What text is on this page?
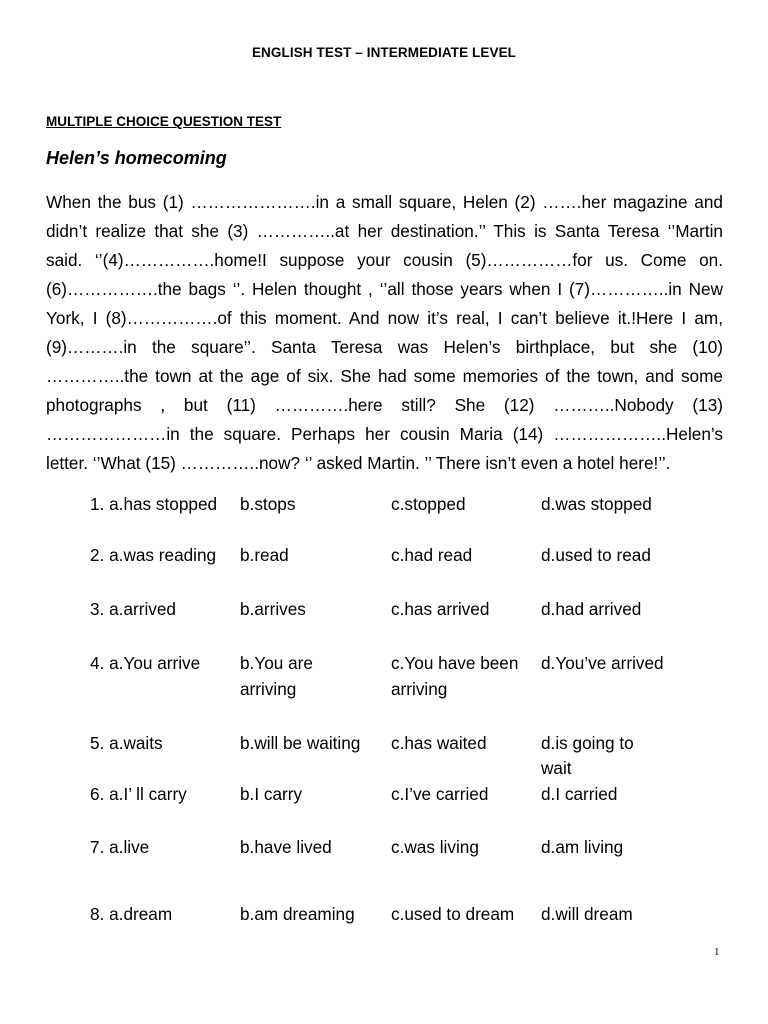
ENGLISH TEST – INTERMEDIATE LEVEL
MULTIPLE CHOICE QUESTION TEST
Helen’s homecoming
When the bus (1) ………………….in a small square, Helen (2) …….her magazine and
didn’t realize that she (3) …………..at her destination.’’ This is Santa Teresa ‘’Martin
said. ‘’(4)…………….home!I suppose your cousin (5)……………for us. Come on.
(6)…………….the bags ‘’. Helen thought , ‘’all those years when I (7)…………..in New
York, I (8)…………….of this moment. And now it’s real, I can’t believe it.!Here I am,
(9)……….in the square’’. Santa Teresa was Helen’s birthplace, but she (10)
…………..the town at the age of six. She had some memories of the town, and some
photographs , but (11) ………….here still? She (12) ………..Nobody (13)
…………………in the square. Perhaps her cousin Maria (14) ………………..Helen’s
letter. ‘’What (15) …………..now? ‘’ asked Martin. ’’ There isn’t even a hotel here!’’.
1. a.has stopped b.stops	c.stopped	d.was stopped
2. a.was reading b.read	c.had read	d.used to read
3. a.arrived	b.arrives	c.has arrived	d.had arrived
4. a.You arrive b.You are
arriving
c.You have been
arriving
d.You’ve arrived
5. a.waits	b.will be waiting c.has waited	d.is going to
wait
6. a.I’ ll carry	b.I carry	c.I’ve carried	d.I carried
7. a.live	b.have lived	c.was living	d.am living
8. a.dream	b.am dreaming c.used to dream d.will dream
1
